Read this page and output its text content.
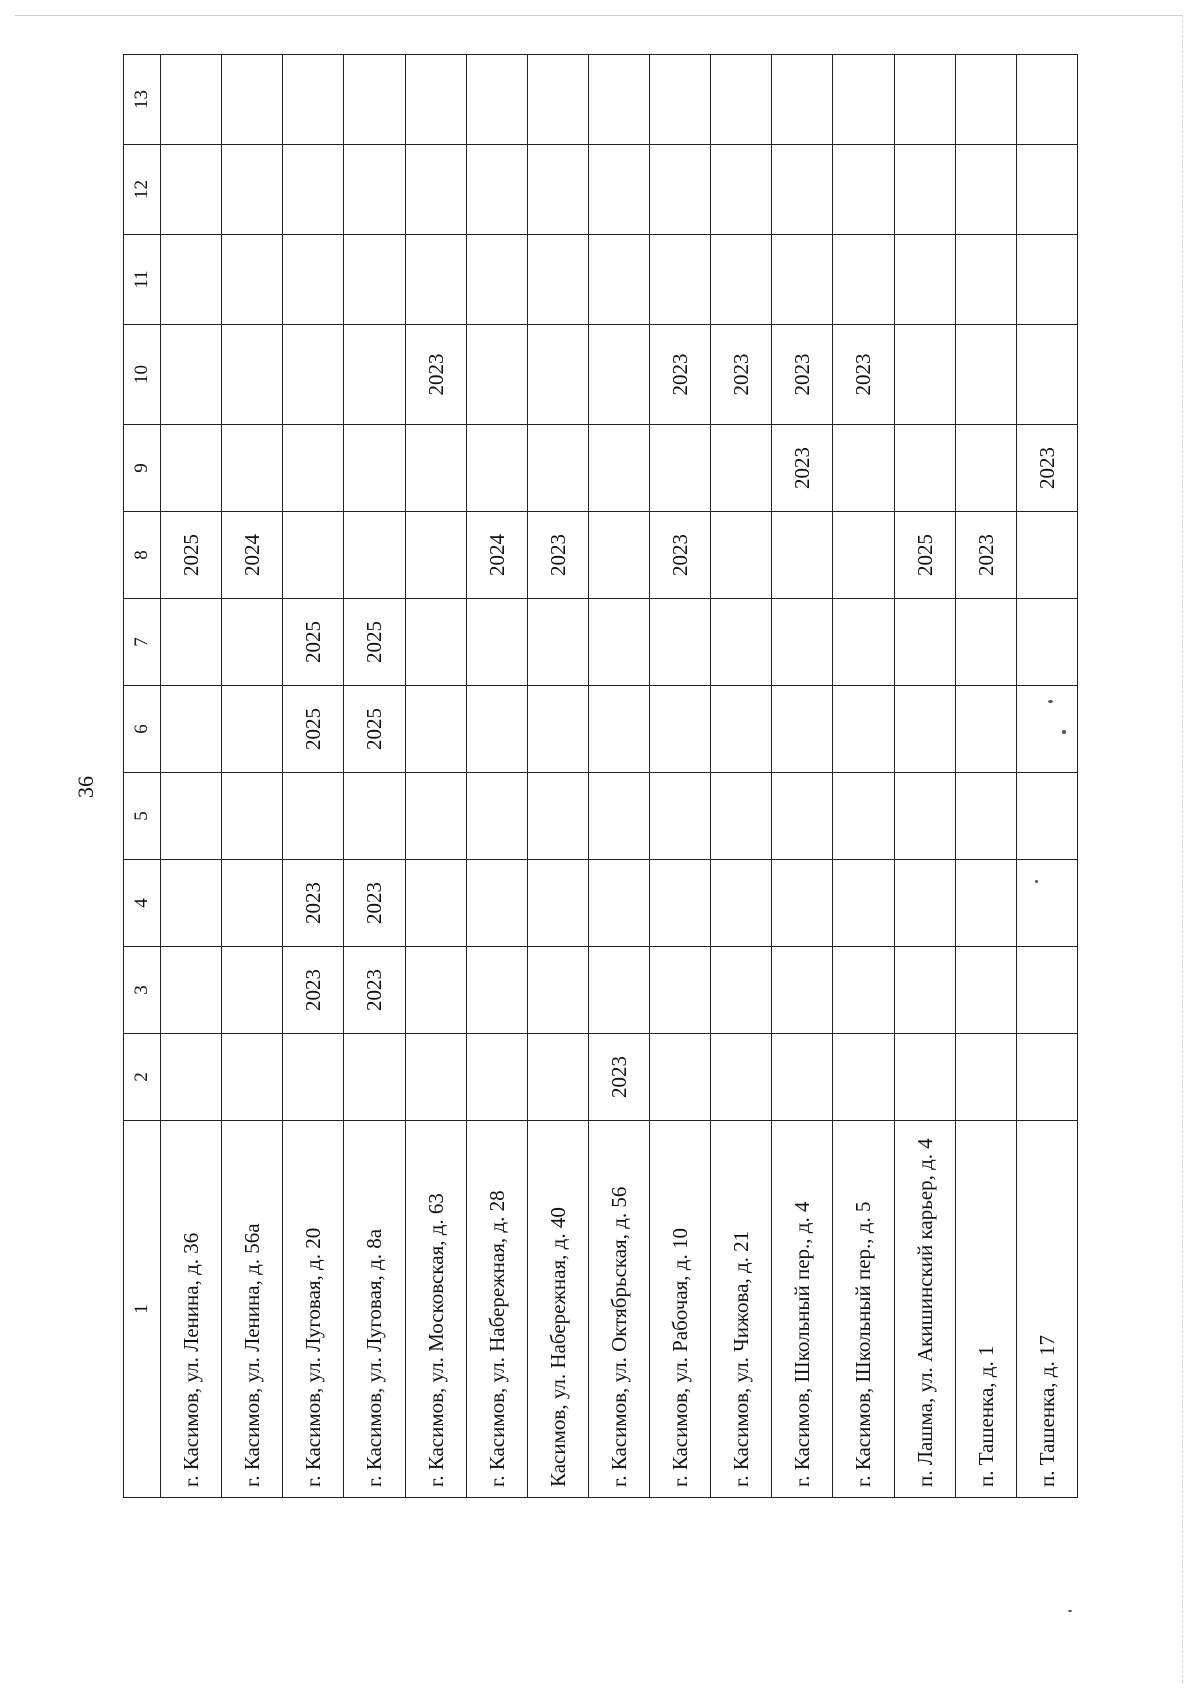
36
1	2	3	4	5	6	7	8	9	10	11	12	13
г. Касимов, ул. Ленина, д. 36							2025					
г. Касимов, ул. Ленина, д. 56а							2024					
г. Касимов, ул. Луговая, д. 20		2023	2023		2025	2025						
г. Касимов, ул. Луговая, д. 8а		2023	2023		2025	2025						
г. Касимов, ул. Московская, д. 63									2023			
г. Касимов, ул. Набережная, д. 28							2024					
Касимов, ул. Набережная, д. 40							2023					
г. Касимов, ул. Октябрьская, д. 56	2023											
г. Касимов, ул. Рабочая, д. 10							2023		2023			
г. Касимов, ул. Чижова, д. 21									2023			
г. Касимов, Школьный пер., д. 4								2023	2023			
г. Касимов, Школьный пер., д. 5									2023			
п. Лашма, ул. Акишинский карьер, д. 4							2025					
п. Ташенка, д. 1							2023					
п. Ташенка, д. 17								2023				
